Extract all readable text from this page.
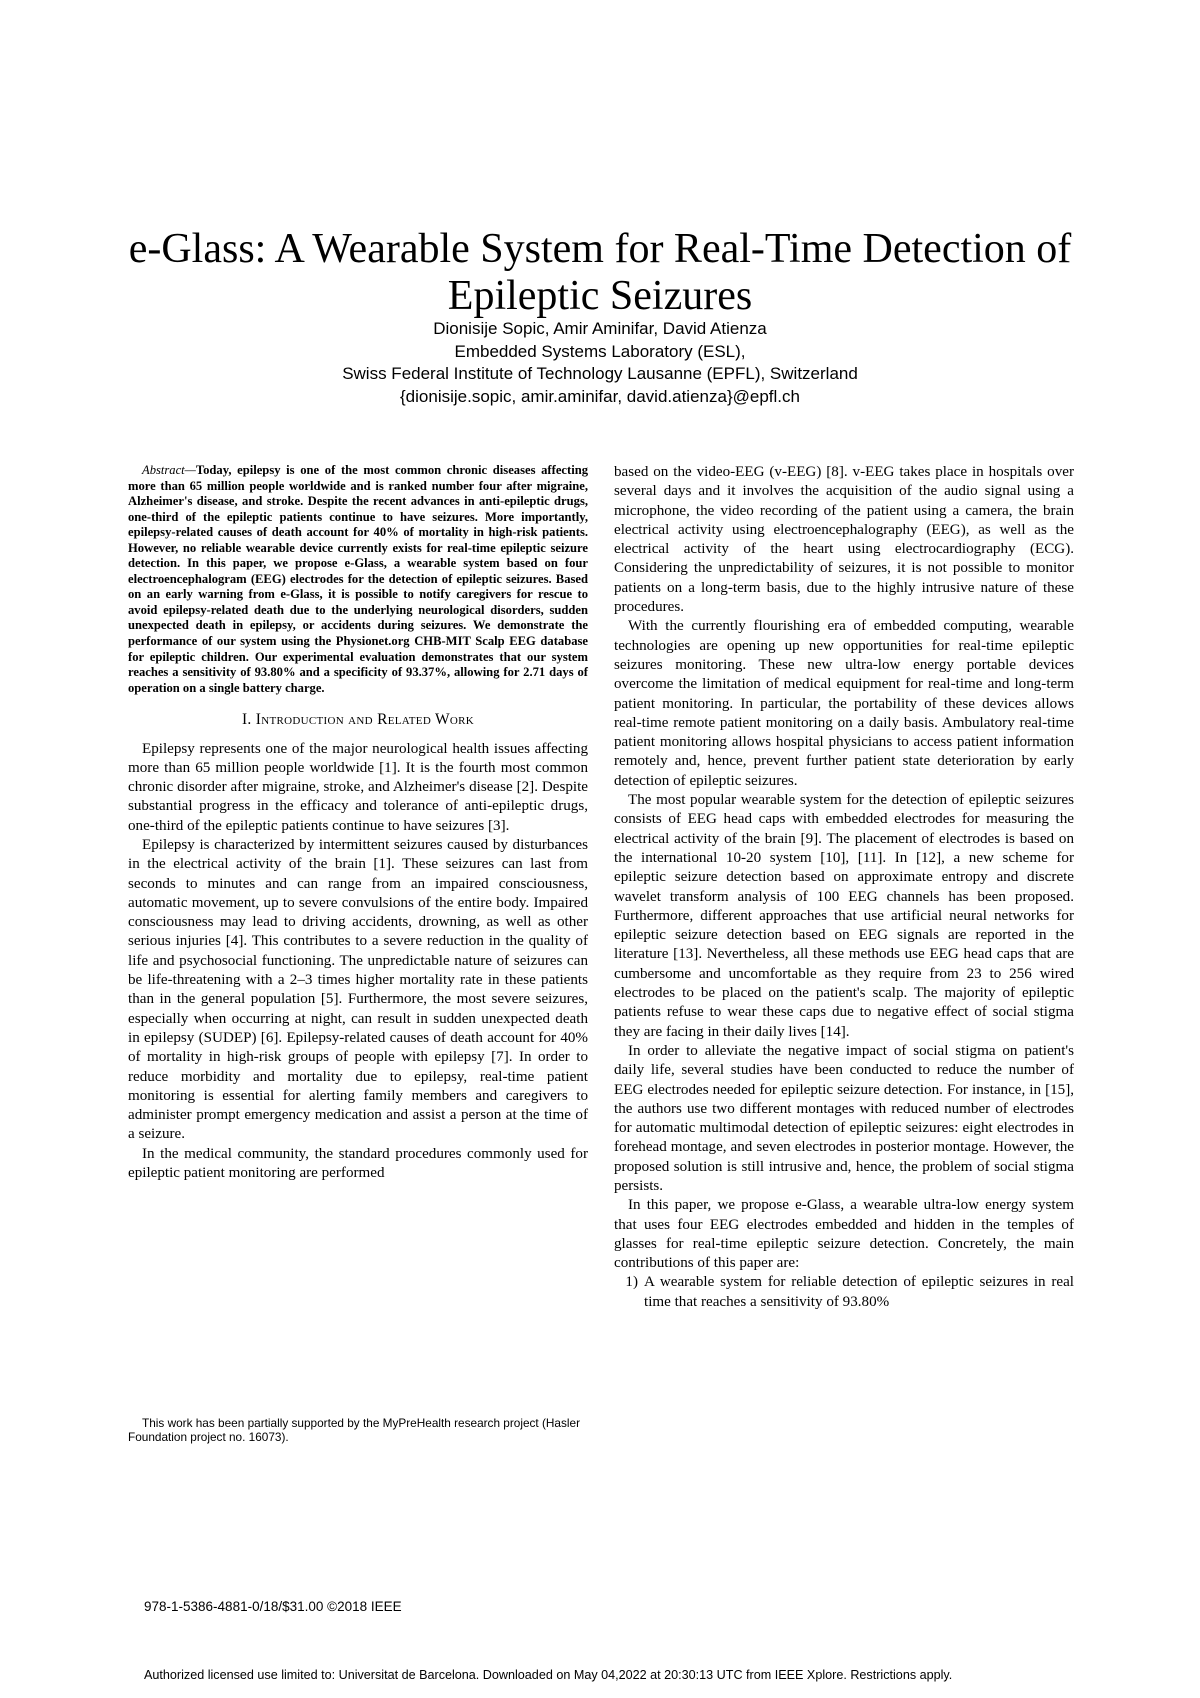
e-Glass: A Wearable System for Real-Time Detection of Epileptic Seizures
Dionisije Sopic, Amir Aminifar, David Atienza
Embedded Systems Laboratory (ESL),
Swiss Federal Institute of Technology Lausanne (EPFL), Switzerland
{dionisije.sopic, amir.aminifar, david.atienza}@epfl.ch

Abstract—Today, epilepsy is one of the most common chronic diseases affecting more than 65 million people worldwide and is ranked number four after migraine, Alzheimer's disease, and stroke. Despite the recent advances in anti-epileptic drugs, one-third of the epileptic patients continue to have seizures. More importantly, epilepsy-related causes of death account for 40% of mortality in high-risk patients. However, no reliable wearable device currently exists for real-time epileptic seizure detection. In this paper, we propose e-Glass, a wearable system based on four electroencephalogram (EEG) electrodes for the detection of epileptic seizures. Based on an early warning from e-Glass, it is possible to notify caregivers for rescue to avoid epilepsy-related death due to the underlying neurological disorders, sudden unexpected death in epilepsy, or accidents during seizures. We demonstrate the performance of our system using the Physionet.org CHB-MIT Scalp EEG database for epileptic children. Our experimental evaluation demonstrates that our system reaches a sensitivity of 93.80% and a specificity of 93.37%, allowing for 2.71 days of operation on a single battery charge.

I. Introduction and Related Work

Epilepsy represents one of the major neurological health issues affecting more than 65 million people worldwide [1]. It is the fourth most common chronic disorder after migraine, stroke, and Alzheimer's disease [2]. Despite substantial progress in the efficacy and tolerance of anti-epileptic drugs, one-third of the epileptic patients continue to have seizures [3].

Epilepsy is characterized by intermittent seizures caused by disturbances in the electrical activity of the brain [1]. These seizures can last from seconds to minutes and can range from an impaired consciousness, automatic movement, up to severe convulsions of the entire body. Impaired consciousness may lead to driving accidents, drowning, as well as other serious injuries [4]. This contributes to a severe reduction in the quality of life and psychosocial functioning. The unpredictable nature of seizures can be life-threatening with a 2–3 times higher mortality rate in these patients than in the general population [5]. Furthermore, the most severe seizures, especially when occurring at night, can result in sudden unexpected death in epilepsy (SUDEP) [6]. Epilepsy-related causes of death account for 40% of mortality in high-risk groups of people with epilepsy [7]. In order to reduce morbidity and mortality due to epilepsy, real-time patient monitoring is essential for alerting family members and caregivers to administer prompt emergency medication and assist a person at the time of a seizure.

In the medical community, the standard procedures commonly used for epileptic patient monitoring are performed

This work has been partially supported by the MyPreHealth research project (Hasler Foundation project no. 16073).

based on the video-EEG (v-EEG) [8]. v-EEG takes place in hospitals over several days and it involves the acquisition of the audio signal using a microphone, the video recording of the patient using a camera, the brain electrical activity using electroencephalography (EEG), as well as the electrical activity of the heart using electrocardiography (ECG). Considering the unpredictability of seizures, it is not possible to monitor patients on a long-term basis, due to the highly intrusive nature of these procedures.

With the currently flourishing era of embedded computing, wearable technologies are opening up new opportunities for real-time epileptic seizures monitoring. These new ultra-low energy portable devices overcome the limitation of medical equipment for real-time and long-term patient monitoring. In particular, the portability of these devices allows real-time remote patient monitoring on a daily basis. Ambulatory real-time patient monitoring allows hospital physicians to access patient information remotely and, hence, prevent further patient state deterioration by early detection of epileptic seizures.

The most popular wearable system for the detection of epileptic seizures consists of EEG head caps with embedded electrodes for measuring the electrical activity of the brain [9]. The placement of electrodes is based on the international 10-20 system [10], [11]. In [12], a new scheme for epileptic seizure detection based on approximate entropy and discrete wavelet transform analysis of 100 EEG channels has been proposed. Furthermore, different approaches that use artificial neural networks for epileptic seizure detection based on EEG signals are reported in the literature [13]. Nevertheless, all these methods use EEG head caps that are cumbersome and uncomfortable as they require from 23 to 256 wired electrodes to be placed on the patient's scalp. The majority of epileptic patients refuse to wear these caps due to negative effect of social stigma they are facing in their daily lives [14].

In order to alleviate the negative impact of social stigma on patient's daily life, several studies have been conducted to reduce the number of EEG electrodes needed for epileptic seizure detection. For instance, in [15], the authors use two different montages with reduced number of electrodes for automatic multimodal detection of epileptic seizures: eight electrodes in forehead montage, and seven electrodes in posterior montage. However, the proposed solution is still intrusive and, hence, the problem of social stigma persists.

In this paper, we propose e-Glass, a wearable ultra-low energy system that uses four EEG electrodes embedded and hidden in the temples of glasses for real-time epileptic seizure detection. Concretely, the main contributions of this paper are:

1) A wearable system for reliable detection of epileptic seizures in real time that reaches a sensitivity of 93.80%
978-1-5386-4881-0/18/$31.00 ©2018 IEEE
Authorized licensed use limited to: Universitat de Barcelona. Downloaded on May 04,2022 at 20:30:13 UTC from IEEE Xplore. Restrictions apply.
